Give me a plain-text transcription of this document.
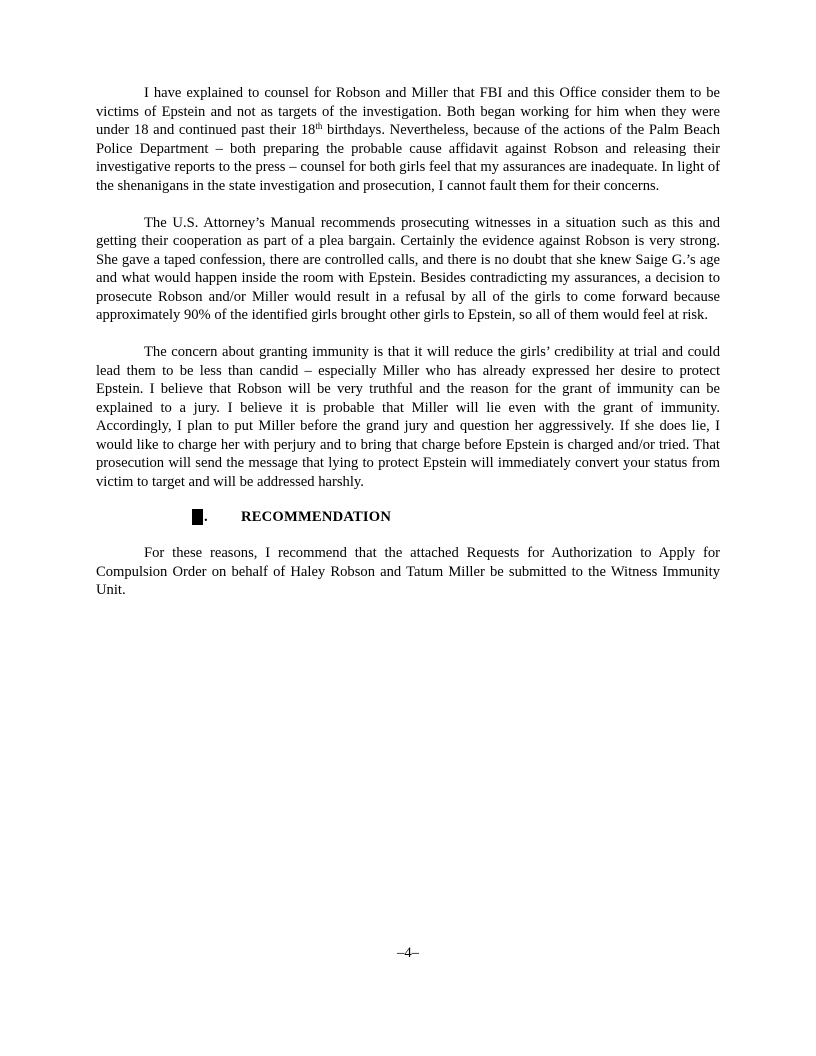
I have explained to counsel for Robson and Miller that FBI and this Office consider them to be victims of Epstein and not as targets of the investigation. Both began working for him when they were under 18 and continued past their 18th birthdays. Nevertheless, because of the actions of the Palm Beach Police Department – both preparing the probable cause affidavit against Robson and releasing their investigative reports to the press – counsel for both girls feel that my assurances are inadequate. In light of the shenanigans in the state investigation and prosecution, I cannot fault them for their concerns.

The U.S. Attorney’s Manual recommends prosecuting witnesses in a situation such as this and getting their cooperation as part of a plea bargain. Certainly the evidence against Robson is very strong. She gave a taped confession, there are controlled calls, and there is no doubt that she knew Saige G.’s age and what would happen inside the room with Epstein. Besides contradicting my assurances, a decision to prosecute Robson and/or Miller would result in a refusal by all of the girls to come forward because approximately 90% of the identified girls brought other girls to Epstein, so all of them would feel at risk.

The concern about granting immunity is that it will reduce the girls’ credibility at trial and could lead them to be less than candid – especially Miller who has already expressed her desire to protect Epstein. I believe that Robson will be very truthful and the reason for the grant of immunity can be explained to a jury. I believe it is probable that Miller will lie even with the grant of immunity. Accordingly, I plan to put Miller before the grand jury and question her aggressively. If she does lie, I would like to charge her with perjury and to bring that charge before Epstein is charged and/or tried. That prosecution will send the message that lying to protect Epstein will immediately convert your status from victim to target and will be addressed harshly.

. RECOMMENDATION

For these reasons, I recommend that the attached Requests for Authorization to Apply for Compulsion Order on behalf of Haley Robson and Tatum Miller be submitted to the Witness Immunity Unit.

–4–
